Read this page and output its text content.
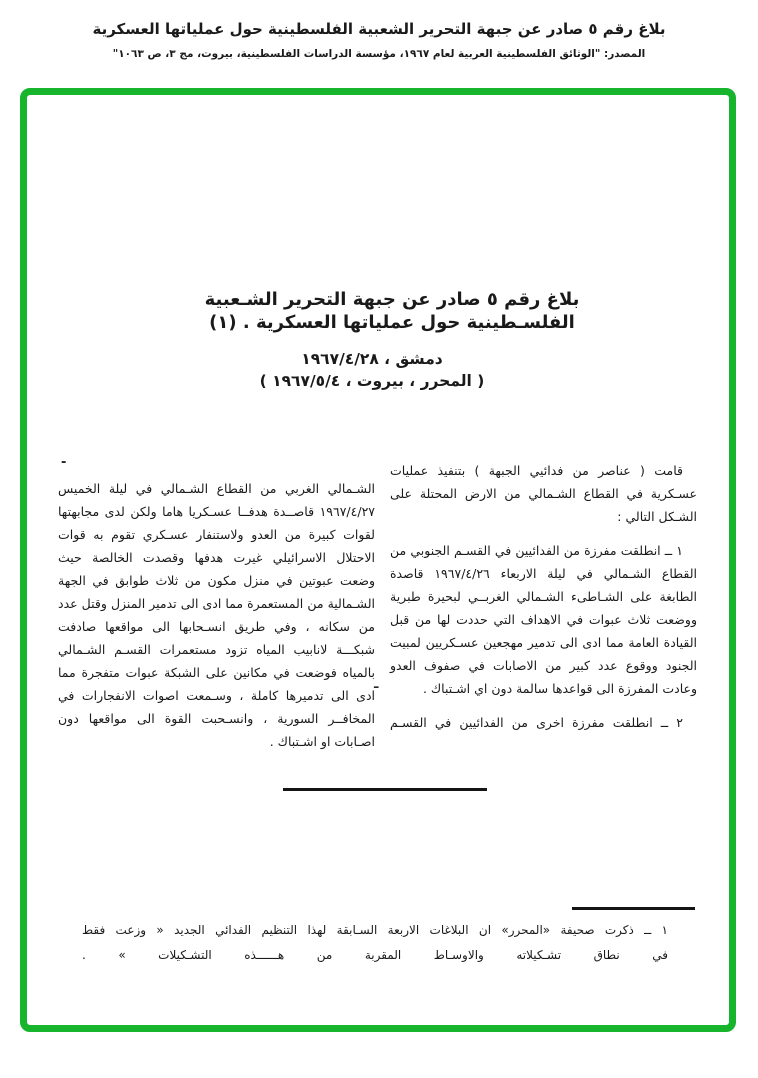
بلاغ رقم ٥ صادر عن جبهة التحرير الشعبية الفلسطينية حول عملياتها العسكرية
المصدر: "الوثائق الفلسطينية العربية لعام ١٩٦٧، مؤسسة الدراسات الفلسطينية، بيروت، مج ٣، ص ١٠٦٣"
-
ـ
بلاغ رقم ٥ صادر عن جبهة التحرير الشـعبية
الفلسـطينية حول عملياتها العسكرية . (١)
دمشق ، ١٩٦٧/٤/٢٨
( المحرر ، بيروت ، ١٩٦٧/٥/٤ )

قامت ( عناصر من فدائيي الجبهة ) بتنفيذ عمليات عسـكرية في القطاع الشـمالي من الارض المحتلة على الشـكل التالي :

١ ــ انطلقت مفرزة من الفدائيين في القسـم الجنوبي من القطاع الشـمالي في ليلة الاربعاء ١٩٦٧/٤/٢٦ قاصدة الطابغة على الشـاطىء الشـمالي الغربــي لبحيرة طبرية ووضعت ثلاث عبوات في الاهداف التي حددت لها من قبل القيادة العامة مما ادى الى تدمير مهجعين عسـكريين لمبيت الجنود ووقوع عدد كبير من الاصابات في صفوف العدو وعادت المفرزة الى قواعدها سالمة دون اي اشـتباك .

٢ ــ انطلقت مفرزة اخرى من الفدائيين في القسـم

الشـمالي الغربي من القطاع الشـمالي في ليلة الخميس ١٩٦٧/٤/٢٧ قاصــدة هدفــا عسـكريا هاما ولكن لدى مجابهتها لقوات كبيرة من العدو ولاستنفار عسـكري تقوم به قوات الاحتلال الاسرائيلي غيرت هدفها وقصدت الخالصة حيث وضعت عبوتين في منزل مكون من ثلاث طوابق في الجهة الشـمالية من المستعمرة مما ادى الى تدمير المنزل وقتل عدد من سكانه ، وفي طريق انسـحابها الى مواقعها صادفت شبكـــة لانابيب المياه تزود مستعمرات القسـم الشـمالي بالمياه فوضعت في مكانين على الشبكة عبوات متفجرة مما ادى الى تدميرها كاملة ، وسـمعت اصوات الانفجارات في المخافــر السورية ، وانسـحبت القوة الى مواقعها دون اصـابات او اشـتباك .

١ ــ ذكرت صحيفة «المحرر» ان البلاغات الاربعة السـابقة لهذا التنظيم الفدائي الجديد « وزعت فقط
في نطاق تشـكيلاته والاوسـاط المقربة من هــــــذه التشـكيلات » .
